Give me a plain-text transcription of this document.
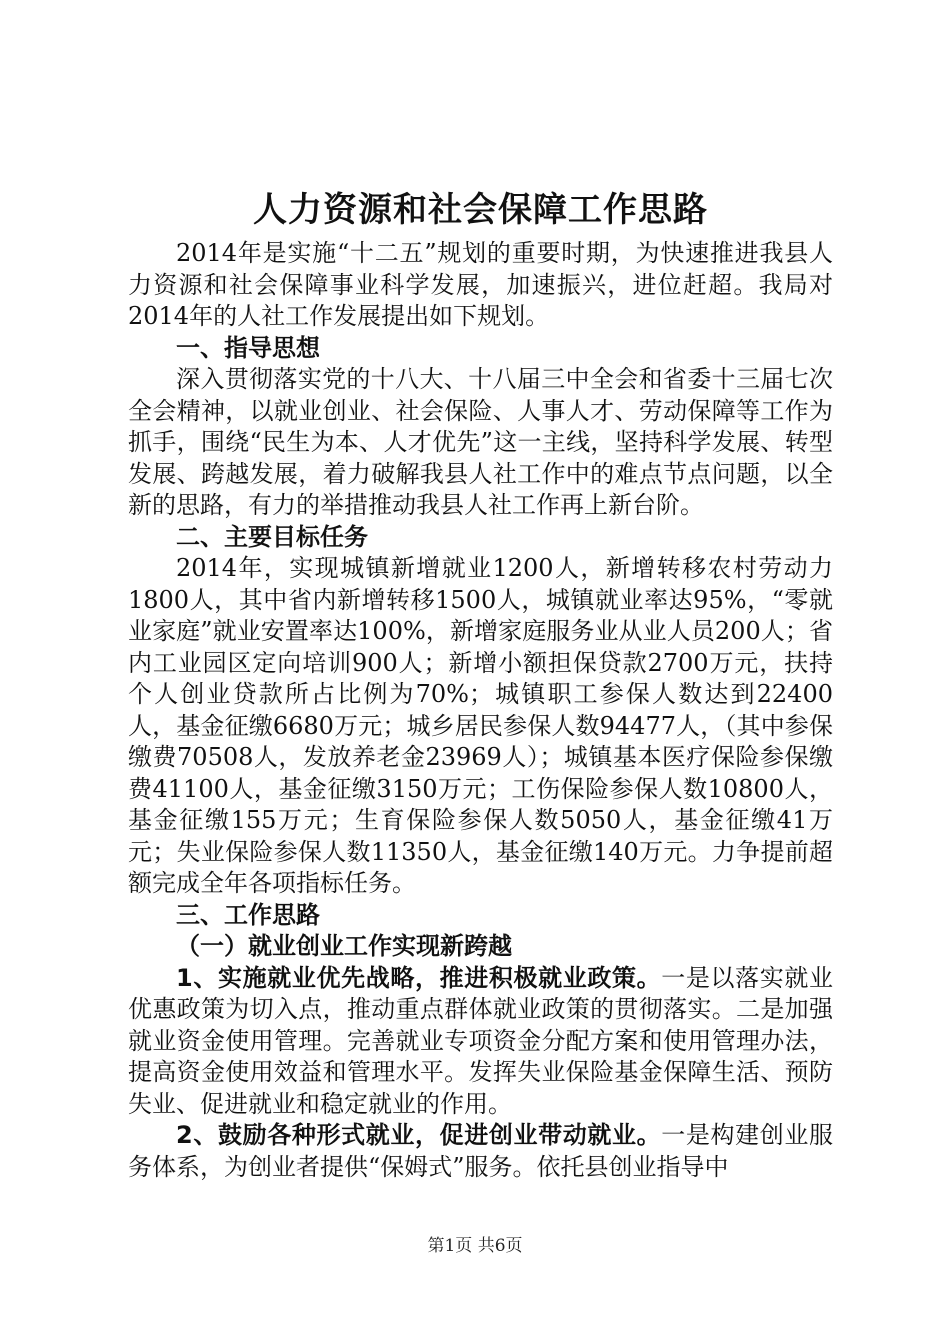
人力资源和社会保障工作思路

2014年是实施“十二五”规划的重要时期，为快速推进我县人力资源和社会保障事业科学发展，加速振兴，进位赶超。我局对2014年的人社工作发展提出如下规划。

一、指导思想

深入贯彻落实党的十八大、十八届三中全会和省委十三届七次全会精神，以就业创业、社会保险、人事人才、劳动保障等工作为抓手，围绕“民生为本、人才优先”这一主线，坚持科学发展、转型发展、跨越发展，着力破解我县人社工作中的难点节点问题，以全新的思路，有力的举措推动我县人社工作再上新台阶。

二、主要目标任务

2014年，实现城镇新增就业1200人，新增转移农村劳动力1800人，其中省内新增转移1500人，城镇就业率达95%，“零就业家庭”就业安置率达100%，新增家庭服务业从业人员200人；省内工业园区定向培训900人；新增小额担保贷款2700万元，扶持个人创业贷款所占比例为70%；城镇职工参保人数达到22400人，基金征缴6680万元；城乡居民参保人数94477人，（其中参保缴费70508人，发放养老金23969人）；城镇基本医疗保险参保缴费41100人，基金征缴3150万元；工伤保险参保人数10800人，基金征缴155万元；生育保险参保人数5050人，基金征缴41万元；失业保险参保人数11350人，基金征缴140万元。力争提前超额完成全年各项指标任务。

三、工作思路

（一）就业创业工作实现新跨越

1、实施就业优先战略，推进积极就业政策。一是以落实就业优惠政策为切入点，推动重点群体就业政策的贯彻落实。二是加强就业资金使用管理。完善就业专项资金分配方案和使用管理办法，提高资金使用效益和管理水平。发挥失业保险基金保障生活、预防失业、促进就业和稳定就业的作用。

2、鼓励各种形式就业，促进创业带动就业。一是构建创业服务体系，为创业者提供“保姆式”服务。依托县创业指导中

第1页 共6页
